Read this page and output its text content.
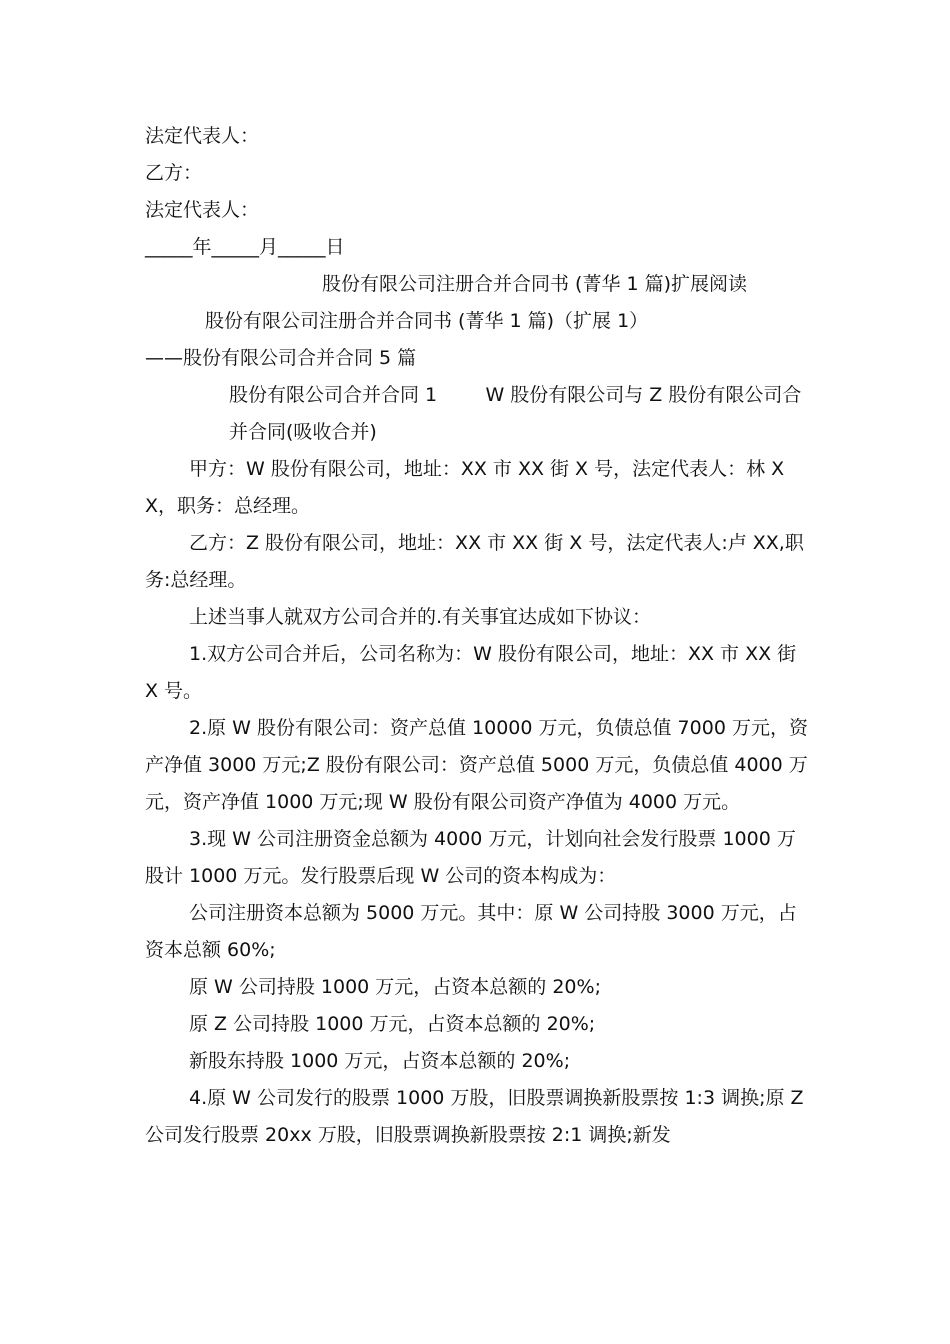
法定代表人：

乙方：

法定代表人：

_____年_____月_____日

股份有限公司注册合并合同书 (菁华 1 篇)扩展阅读

股份有限公司注册合并合同书 (菁华 1 篇)（扩展 1）

——股份有限公司合并合同 5 篇

股份有限公司合并合同 1        W 股份有限公司与 Z 股份有限公司合并合同(吸收合并)

甲方：W 股份有限公司，地址：XX 市 XX 街 X 号，法定代表人：林 XX，职务：总经理。

乙方：Z 股份有限公司，地址：XX 市 XX 街 X 号，法定代表人:卢 XX,职务:总经理。

上述当事人就双方公司合并的.有关事宜达成如下协议：

1.双方公司合并后，公司名称为：W 股份有限公司，地址：XX 市 XX 街 X 号。

2.原 W 股份有限公司：资产总值 10000 万元，负债总值 7000 万元，资产净值 3000 万元;Z 股份有限公司：资产总值 5000 万元，负债总值 4000 万元，资产净值 1000 万元;现 W 股份有限公司资产净值为 4000 万元。

3.现 W 公司注册资金总额为 4000 万元，计划向社会发行股票 1000 万股计 1000 万元。发行股票后现 W 公司的资本构成为：

公司注册资本总额为 5000 万元。其中：原 W 公司持股 3000 万元，占资本总额 60%;

原 W 公司持股 1000 万元，占资本总额的 20%;

原 Z 公司持股 1000 万元，占资本总额的 20%;

新股东持股 1000 万元，占资本总额的 20%;

4.原 W 公司发行的股票 1000 万股，旧股票调换新股票按 1:3 调换;原 Z 公司发行股票 20xx 万股，旧股票调换新股票按 2:1 调换;新发
